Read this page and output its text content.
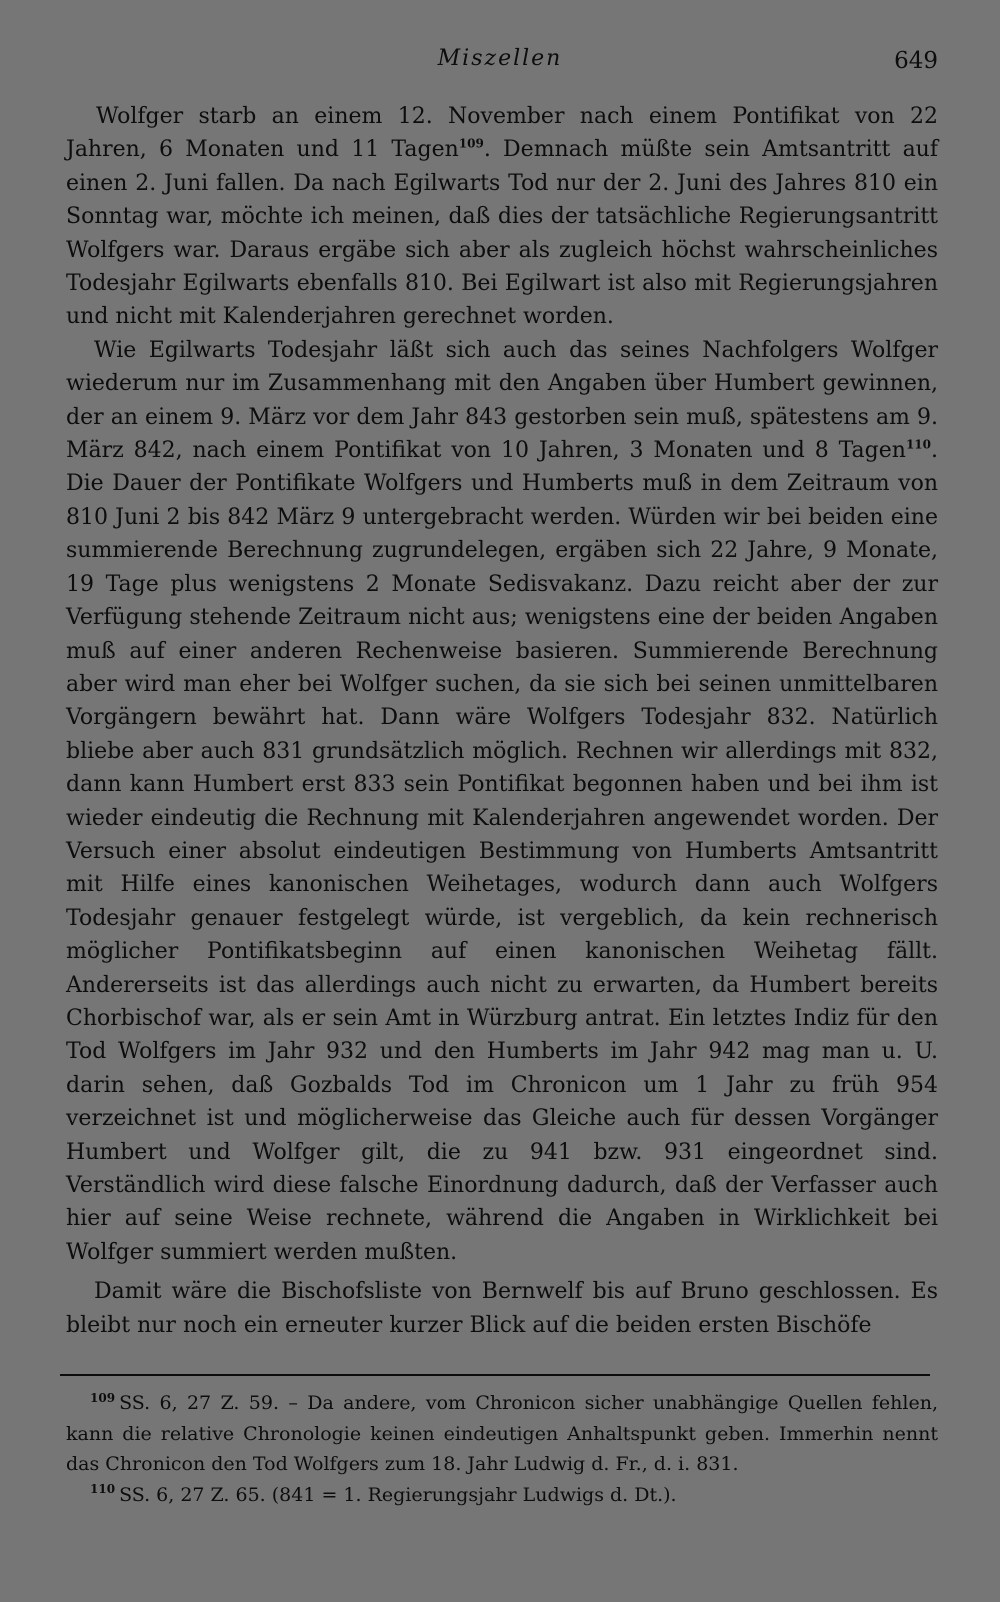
Miszellen	649

Wolfger starb an einem 12. November nach einem Pontifikat von 22 Jahren, 6 Monaten und 11 Tagen$^{109}$. Demnach müßte sein Amtsantritt auf einen 2. Juni fallen. Da nach Egilwarts Tod nur der 2. Juni des Jahres 810 ein Sonntag war, möchte ich meinen, daß dies der tatsächliche Regierungsantritt Wolfgers war. Daraus ergäbe sich aber als zugleich höchst wahrscheinliches Todesjahr Egilwarts ebenfalls 810. Bei Egilwart ist also mit Regierungsjahren und nicht mit Kalenderjahren gerechnet worden.

Wie Egilwarts Todesjahr läßt sich auch das seines Nachfolgers Wolfger wiederum nur im Zusammenhang mit den Angaben über Humbert gewinnen, der an einem 9. März vor dem Jahr 843 gestorben sein muß, spätestens am 9. März 842, nach einem Pontifikat von 10 Jahren, 3 Monaten und 8 Tagen$^{110}$. Die Dauer der Pontifikate Wolfgers und Humberts muß in dem Zeitraum von 810 Juni 2 bis 842 März 9 untergebracht werden. Würden wir bei beiden eine summierende Berechnung zugrundelegen, ergäben sich 22 Jahre, 9 Monate, 19 Tage plus wenigstens 2 Monate Sedisvakanz. Dazu reicht aber der zur Verfügung stehende Zeitraum nicht aus; wenigstens eine der beiden Angaben muß auf einer anderen Rechenweise basieren. Summierende Berechnung aber wird man eher bei Wolfger suchen, da sie sich bei seinen unmittelbaren Vorgängern bewährt hat. Dann wäre Wolfgers Todesjahr 832. Natürlich bliebe aber auch 831 grundsätzlich möglich. Rechnen wir allerdings mit 832, dann kann Humbert erst 833 sein Pontifikat begonnen haben und bei ihm ist wieder eindeutig die Rechnung mit Kalenderjahren angewendet worden. Der Versuch einer absolut eindeutigen Bestimmung von Humberts Amtsantritt mit Hilfe eines kanonischen Weihetages, wodurch dann auch Wolfgers Todesjahr genauer festgelegt würde, ist vergeblich, da kein rechnerisch möglicher Pontifikatsbeginn auf einen kanonischen Weihetag fällt. Andererseits ist das allerdings auch nicht zu erwarten, da Humbert bereits Chorbischof war, als er sein Amt in Würzburg antrat. Ein letztes Indiz für den Tod Wolfgers im Jahr 932 und den Humberts im Jahr 942 mag man u. U. darin sehen, daß Gozbalds Tod im Chronicon um 1 Jahr zu früh 954 verzeichnet ist und möglicherweise das Gleiche auch für dessen Vorgänger Humbert und Wolfger gilt, die zu 941 bzw. 931 eingeordnet sind. Verständlich wird diese falsche Einordnung dadurch, daß der Verfasser auch hier auf seine Weise rechnete, während die Angaben in Wirklichkeit bei Wolfger summiert werden mußten.

Damit wäre die Bischofsliste von Bernwelf bis auf Bruno geschlossen. Es bleibt nur noch ein erneuter kurzer Blick auf die beiden ersten Bischöfe

$^{109}$ SS. 6, 27 Z. 59. – Da andere, vom Chronicon sicher unabhängige Quellen fehlen, kann die relative Chronologie keinen eindeutigen Anhaltspunkt geben. Immerhin nennt das Chronicon den Tod Wolfgers zum 18. Jahr Ludwig d. Fr., d. i. 831.

$^{110}$ SS. 6, 27 Z. 65. (841 = 1. Regierungsjahr Ludwigs d. Dt.).
